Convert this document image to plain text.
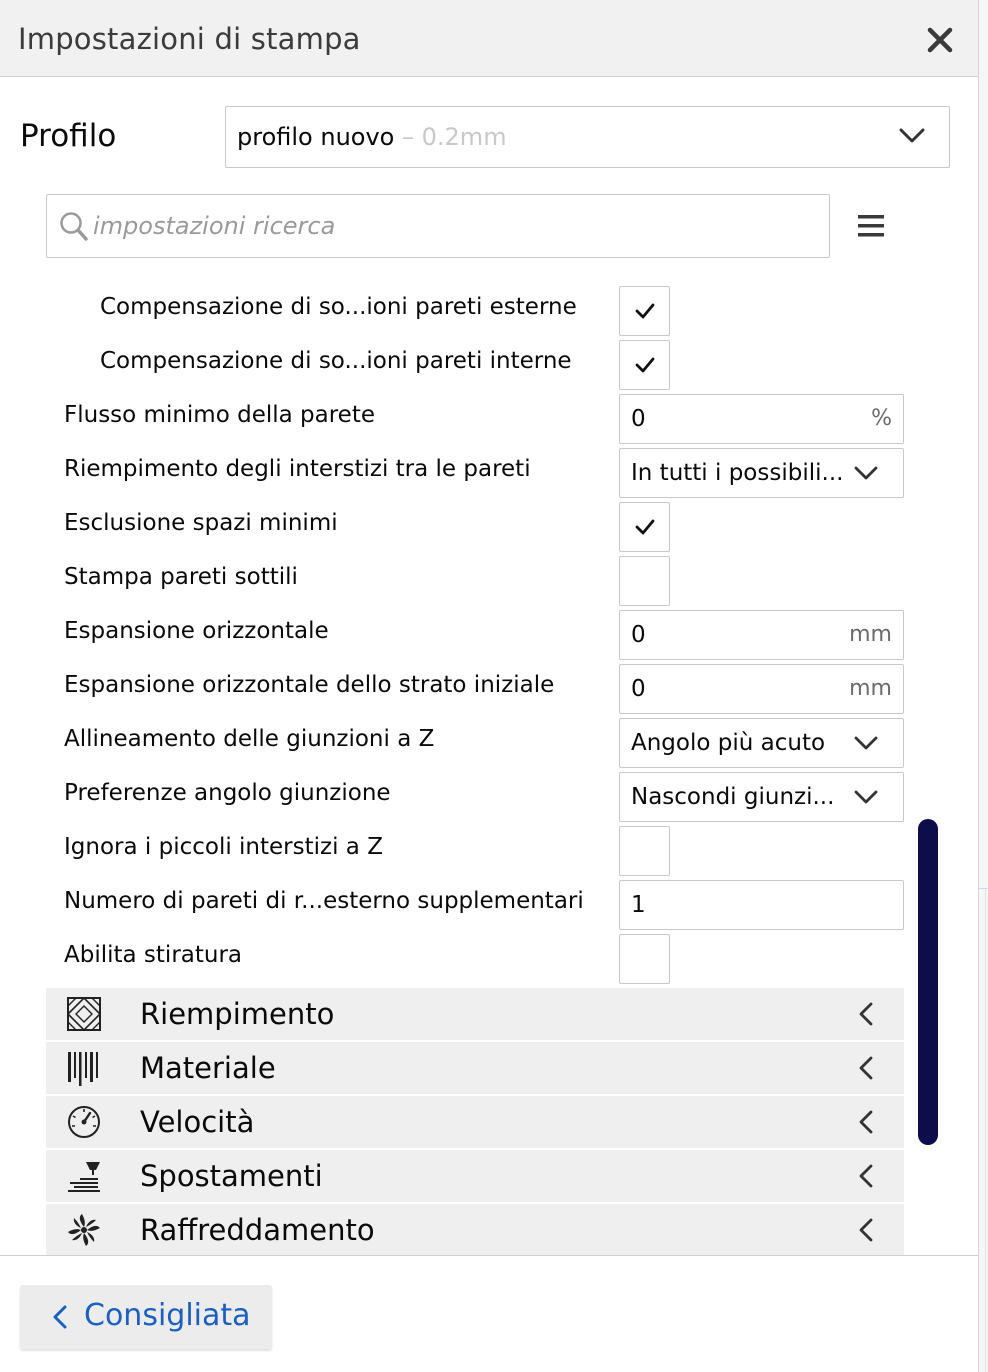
Impostazioni di stampa
Profilo	profilo nuovo – 0.2mm
impostazioni ricerca
Compensazione di so...ioni pareti esterne
Compensazione di so...ioni pareti interne
Flusso minimo della parete	0	%
Riempimento degli interstizi tra le pareti	In tutti i possibili...
Esclusione spazi minimi
Stampa pareti sottili
Espansione orizzontale	0	mm
Espansione orizzontale dello strato iniziale	0	mm
Allineamento delle giunzioni a Z	Angolo più acuto
Preferenze angolo giunzione	Nascondi giunzi...
Ignora i piccoli interstizi a Z
Numero di pareti di r...esterno supplementari 1
Abilita stiratura
Riempimento
Materiale
Velocità
Spostamenti
Raffreddamento
Consigliata
